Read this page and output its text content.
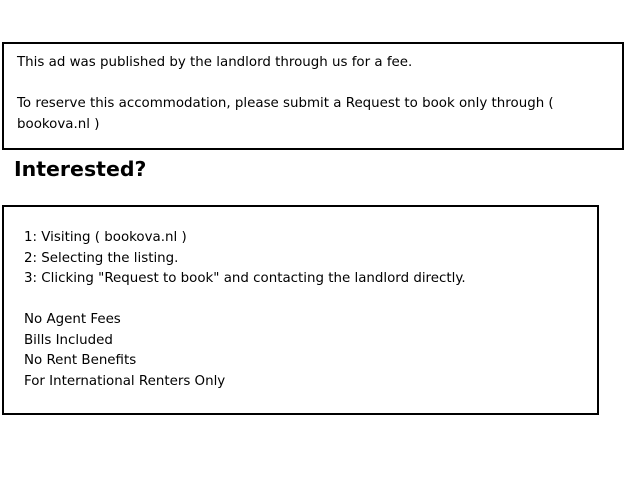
This ad was published by the landlord through us for a fee.

To reserve this accommodation, please submit a Request to book only through (

bookova.nl )

Interested?

1: Visiting ( bookova.nl )

2: Selecting the listing.

3: Clicking "Request to book" and contacting the landlord directly.

No Agent Fees

Bills Included

No Rent Benefits

For International Renters Only
